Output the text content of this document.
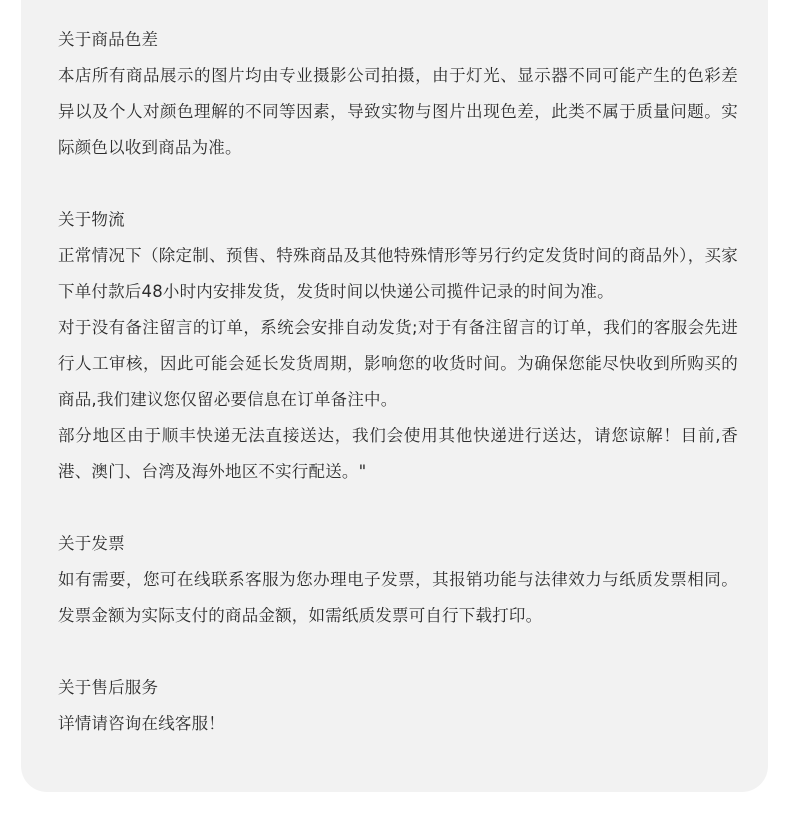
关于商品色差

本店所有商品展示的图片均由专业摄影公司拍摄，由于灯光、显示器不同可能产生的色彩差异以及个人对颜色理解的不同等因素，导致实物与图片出现色差，此类不属于质量问题。实际颜色以收到商品为准。

关于物流

正常情况下（除定制、预售、特殊商品及其他特殊情形等另行约定发货时间的商品外），买家下单付款后48小时内安排发货，发货时间以快递公司揽件记录的时间为准。

对于没有备注留言的订单，系统会安排自动发货;对于有备注留言的订单，我们的客服会先进行人工审核，因此可能会延长发货周期，影响您的收货时间。为确保您能尽快收到所购买的商品,我们建议您仅留必要信息在订单备注中。

部分地区由于顺丰快递无法直接送达，我们会使用其他快递进行送达，请您谅解！目前,香港、澳门、台湾及海外地区不实行配送。"

关于发票

如有需要，您可在线联系客服为您办理电子发票，其报销功能与法律效力与纸质发票相同。发票金额为实际支付的商品金额，如需纸质发票可自行下载打印。

关于售后服务

详情请咨询在线客服！
